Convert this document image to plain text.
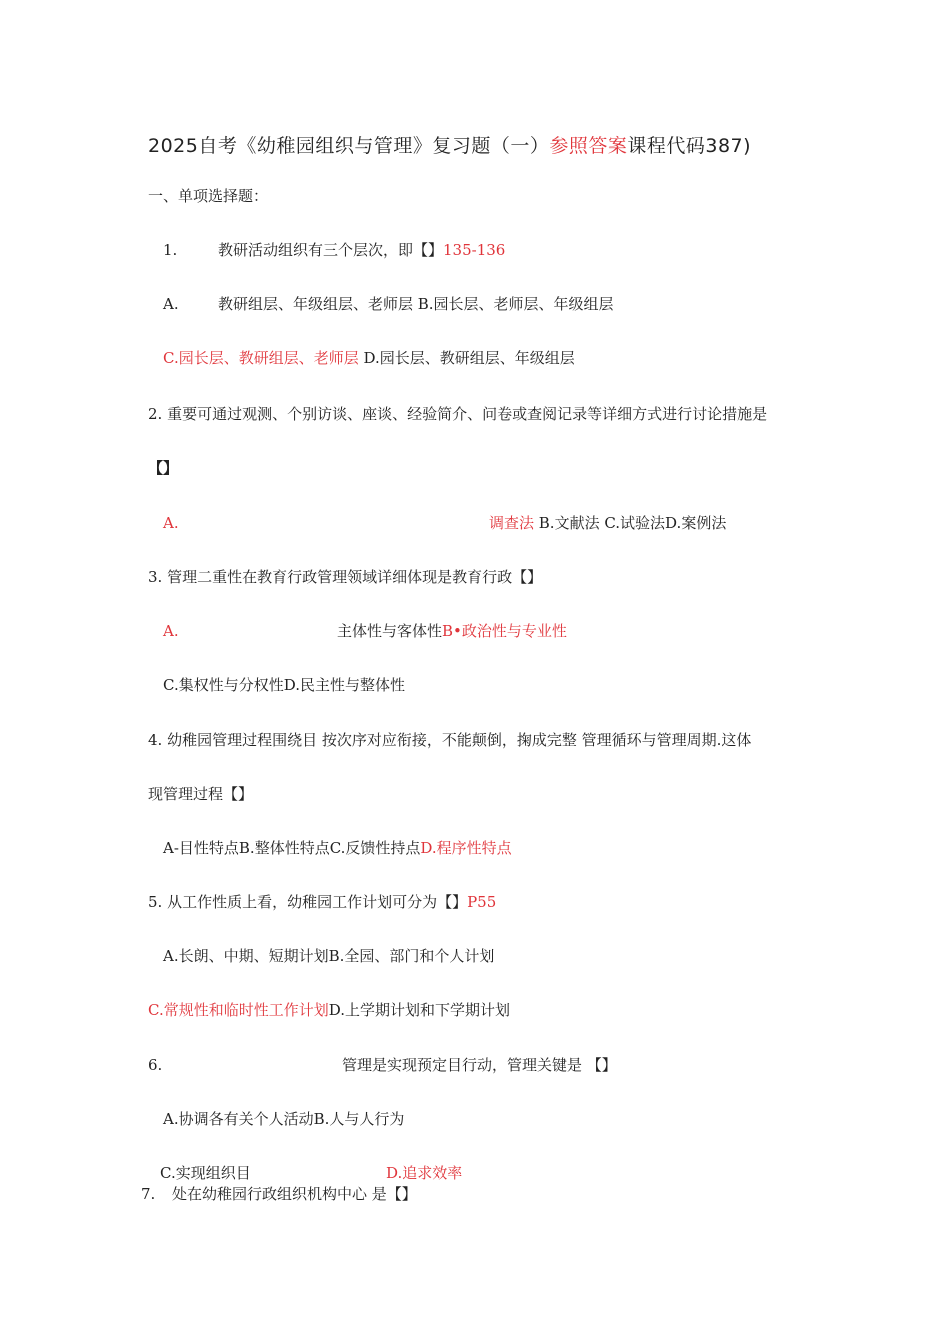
2025自考《幼稚园组织与管理》复习题（一）参照答案课程代码387)
一、单项选择题：
1.	教研活动组织有三个层次，即【】135-136
A.	教研组层、年级组层、老师层 B.园长层、老师层、年级组层
C.园长层、教研组层、老师层 D.园长层、教研组层、年级组层
2. 重要可通过观测、个别访谈、座谈、经验简介、问卷或查阅记录等详细方式进行讨论措施是
【】
A.	调查法 B.文献法 C.试验法D.案例法
3. 管理二重性在教育行政管理领域详细体现是教育行政【】
A.	主体性与客体性B•政治性与专业性
C.集权性与分权性D.民主性与整体性
4. 幼稚园管理过程围绕目 按次序对应衔接，不能颠倒，掬成完整 管理循环与管理周期.这体
现管理过程【】
A-目性特点B.整体性特点C.反馈性持点D.程序性特点
5. 从工作性质上看，幼稚园工作计划可分为【】P55
A.长朗、中期、短期计划B.全园、部门和个人计划
C.常规性和临时性工作计划D.上学期计划和下学期计划
6.	管理是实现预定目行动，管理关键是 【】
A.协调各有关个人活动B.人与人行为
C.实现组织目	D.追求效率
7. 处在幼稚园行政组织机构中心 是【】
